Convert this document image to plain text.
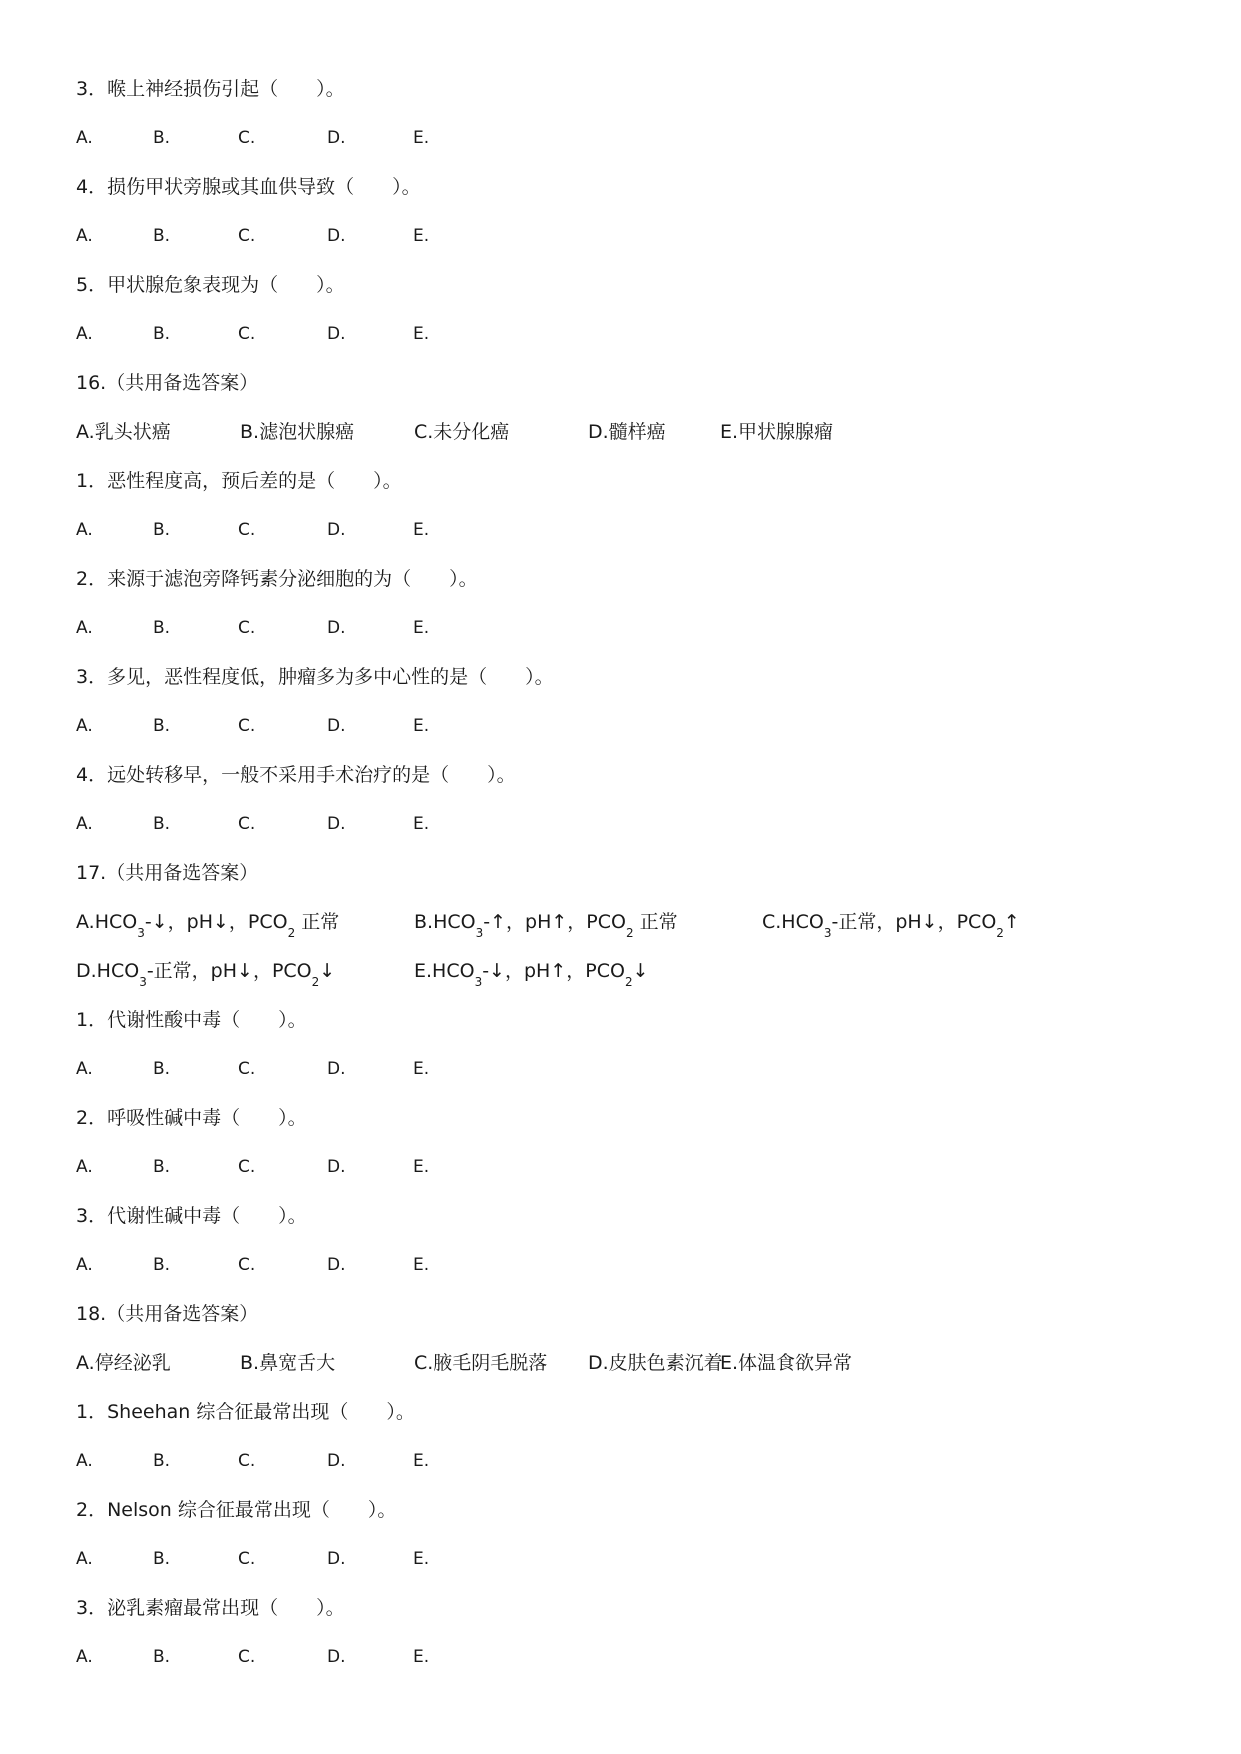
3．喉上神经损伤引起（　　）。
A.	B.	C.	D.	E.
4．损伤甲状旁腺或其血供导致（　　）。
A.	B.	C.	D.	E.
5．甲状腺危象表现为（　　）。
A.	B.	C.	D.	E.
16.（共用备选答案）
A.乳头状癌	B.滤泡状腺癌	C.未分化癌	D.髓样癌	E.甲状腺腺瘤
1．恶性程度高，预后差的是（　　）。
A.	B.	C.	D.	E.
2．来源于滤泡旁降钙素分泌细胞的为（　　）。
A.	B.	C.	D.	E.
3．多见，恶性程度低，肿瘤多为多中心性的是（　　）。
A.	B.	C.	D.	E.
4．远处转移早，一般不采用手术治疗的是（　　）。
A.	B.	C.	D.	E.
17.（共用备选答案）
$A.HCO_3-↓$，pH↓，$PCO_2$ 正常	$B.HCO_3-↑$，pH↑，$PCO_2$ 正常	$C.HCO_3-$正常，pH↓，$PCO_2↑$
$D.HCO_3-$正常，pH↓，$PCO_2↓$	$E.HCO_3-↓$，pH↑，$PCO_2↓$
1．代谢性酸中毒（　　）。
A.	B.	C.	D.	E.
2．呼吸性碱中毒（　　）。
A.	B.	C.	D.	E.
3．代谢性碱中毒（　　）。
A.	B.	C.	D.	E.
18.（共用备选答案）
A.停经泌乳	B.鼻宽舌大	C.腋毛阴毛脱落 D.皮肤色素沉着
E.体温食欲异常
1．Sheehan 综合征最常出现（　　）。
A.	B.	C.	D.	E.
2．Nelson 综合征最常出现（　　）。
A.	B.	C.	D.	E.
3．泌乳素瘤最常出现（　　）。
A.	B.	C.	D.	E.
